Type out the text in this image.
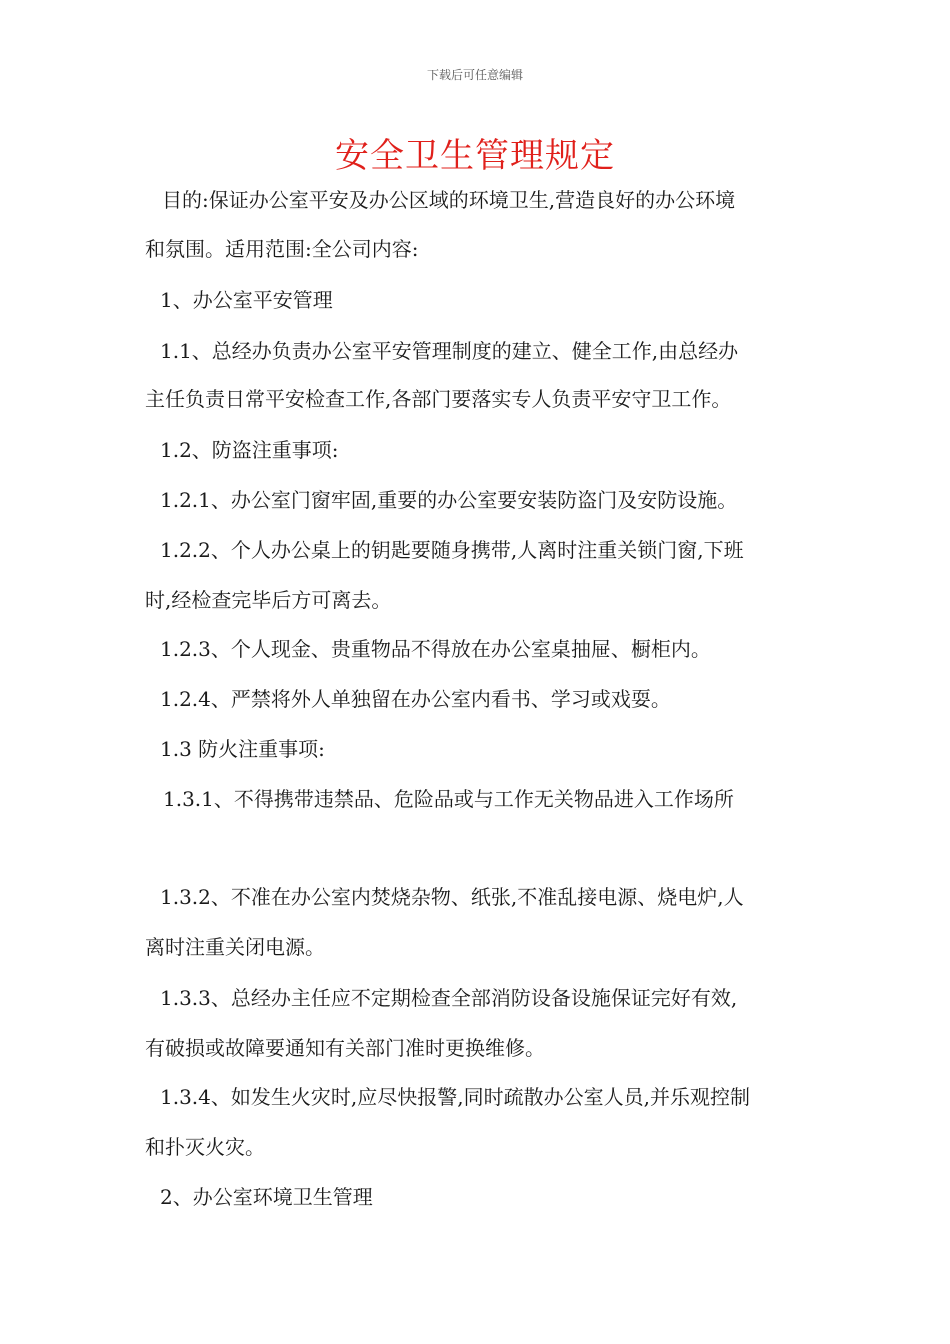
下载后可任意编辑
安全卫生管理规定
目的:保证办公室平安及办公区域的环境卫生,营造良好的办公环境
和氛围。适用范围:全公司内容:
1、办公室平安管理
1.1、总经办负责办公室平安管理制度的建立、健全工作,由总经办
主任负责日常平安检查工作,各部门要落实专人负责平安守卫工作。
1.2、防盗注重事项:
1.2.1、办公室门窗牢固,重要的办公室要安装防盗门及安防设施。
1.2.2、个人办公桌上的钥匙要随身携带,人离时注重关锁门窗,下班
时,经检查完毕后方可离去。
1.2.3、个人现金、贵重物品不得放在办公室桌抽屉、橱柜内。
1.2.4、严禁将外人单独留在办公室内看书、学习或戏耍。
1.3 防火注重事项:
1.3.1、不得携带违禁品、危险品或与工作无关物品进入工作场所
1.3.2、不准在办公室内焚烧杂物、纸张,不准乱接电源、烧电炉,人
离时注重关闭电源。
1.3.3、总经办主任应不定期检查全部消防设备设施保证完好有效,
有破损或故障要通知有关部门准时更换维修。
1.3.4、如发生火灾时,应尽快报警,同时疏散办公室人员,并乐观控制
和扑灭火灾。
2、办公室环境卫生管理
